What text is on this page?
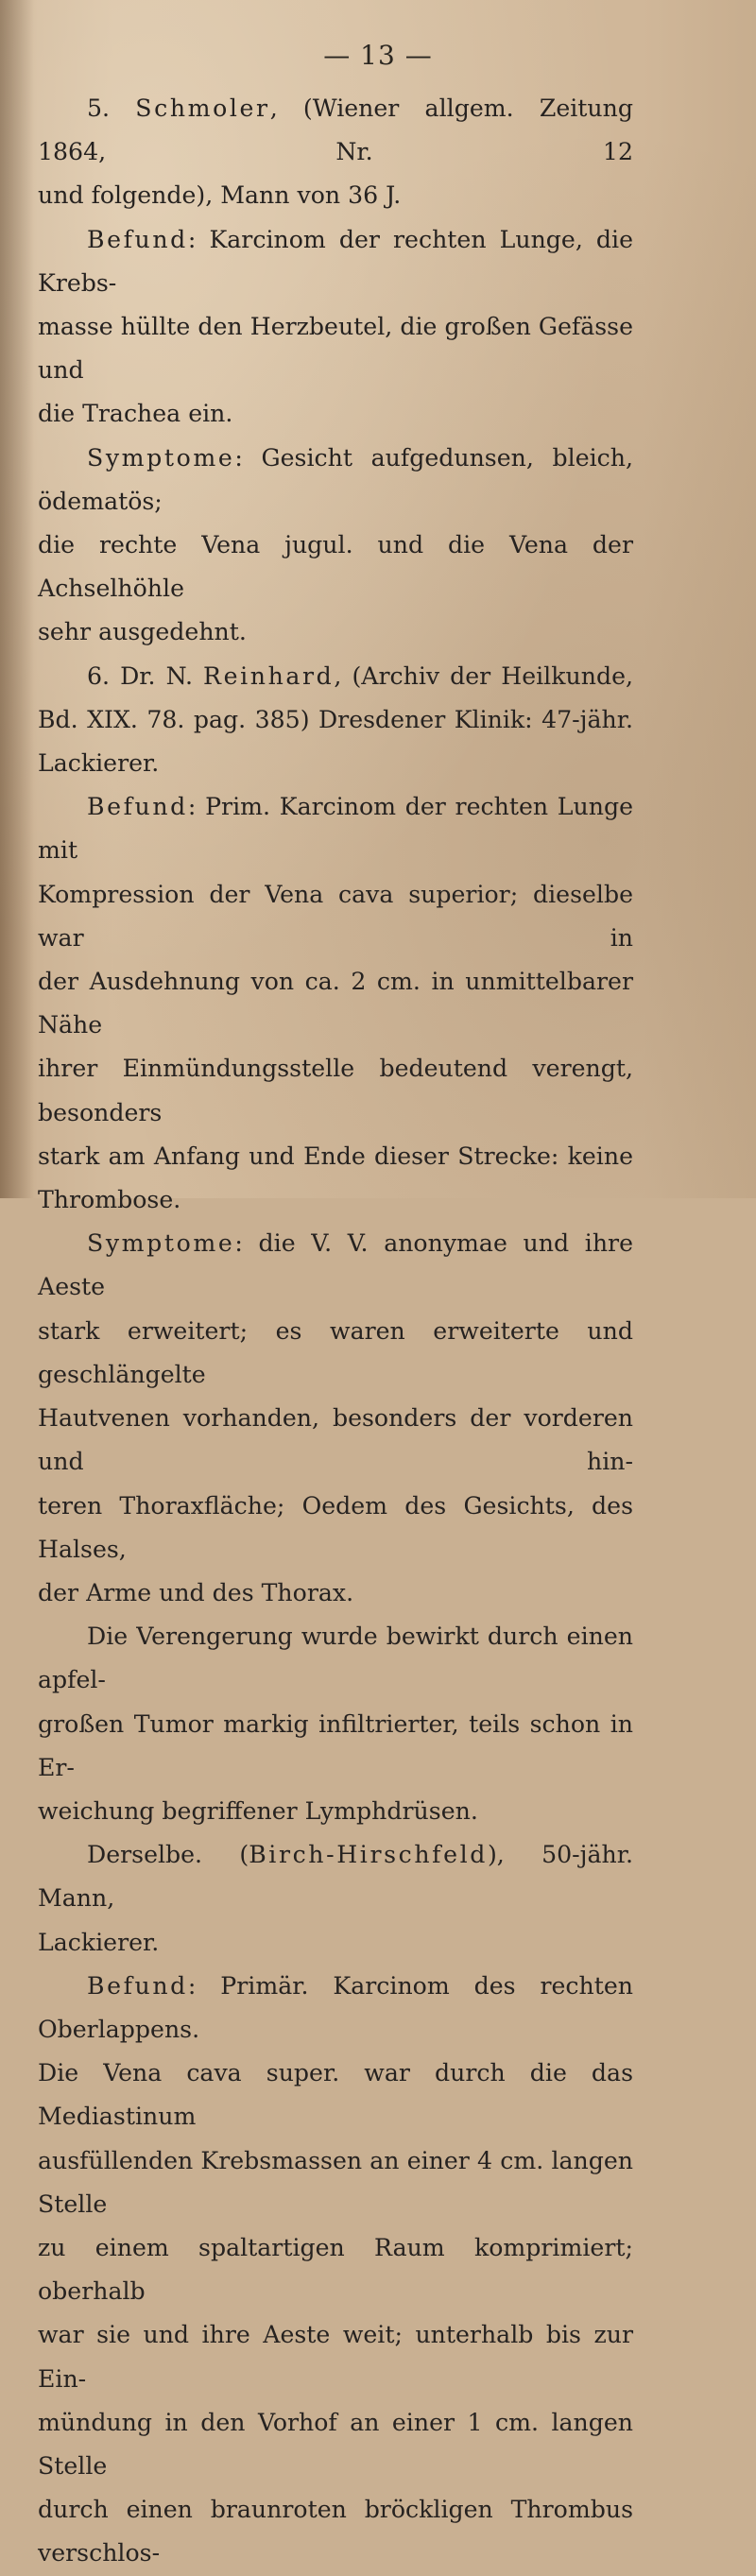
— 13 —

5. Schmoler, (Wiener allgem. Zeitung 1864, Nr. 12

und folgende), Mann von 36 J.

Befund: Karcinom der rechten Lunge, die Krebs-

masse hüllte den Herzbeutel, die großen Gefässe und

die Trachea ein.

Symptome: Gesicht aufgedunsen, bleich, ödematös;

die rechte Vena jugul. und die Vena der Achselhöhle

sehr ausgedehnt.

6. Dr. N. Reinhard, (Archiv der Heilkunde,

Bd. XIX. 78. pag. 385) Dresdener Klinik: 47-jähr.

Lackierer.

Befund: Prim. Karcinom der rechten Lunge mit

Kompression der Vena cava superior; dieselbe war in

der Ausdehnung von ca. 2 cm. in unmittelbarer Nähe

ihrer Einmündungsstelle bedeutend verengt, besonders

stark am Anfang und Ende dieser Strecke: keine

Thrombose.

Symptome: die V. V. anonymae und ihre Aeste

stark erweitert; es waren erweiterte und geschlängelte

Hautvenen vorhanden, besonders der vorderen und hin-

teren Thoraxfläche; Oedem des Gesichts, des Halses,

der Arme und des Thorax.

Die Verengerung wurde bewirkt durch einen apfel-

großen Tumor markig infiltrierter, teils schon in Er-

weichung begriffener Lymphdrüsen.

Derselbe. (Birch-Hirschfeld), 50-jähr. Mann,

Lackierer.

Befund: Primär. Karcinom des rechten Oberlappens.

Die Vena cava super. war durch die das Mediastinum

ausfüllenden Krebsmassen an einer 4 cm. langen Stelle

zu einem spaltartigen Raum komprimiert; oberhalb

war sie und ihre Aeste weit; unterhalb bis zur Ein-

mündung in den Vorhof an einer 1 cm. langen Stelle

durch einen braunroten bröckligen Thrombus verschlos-
